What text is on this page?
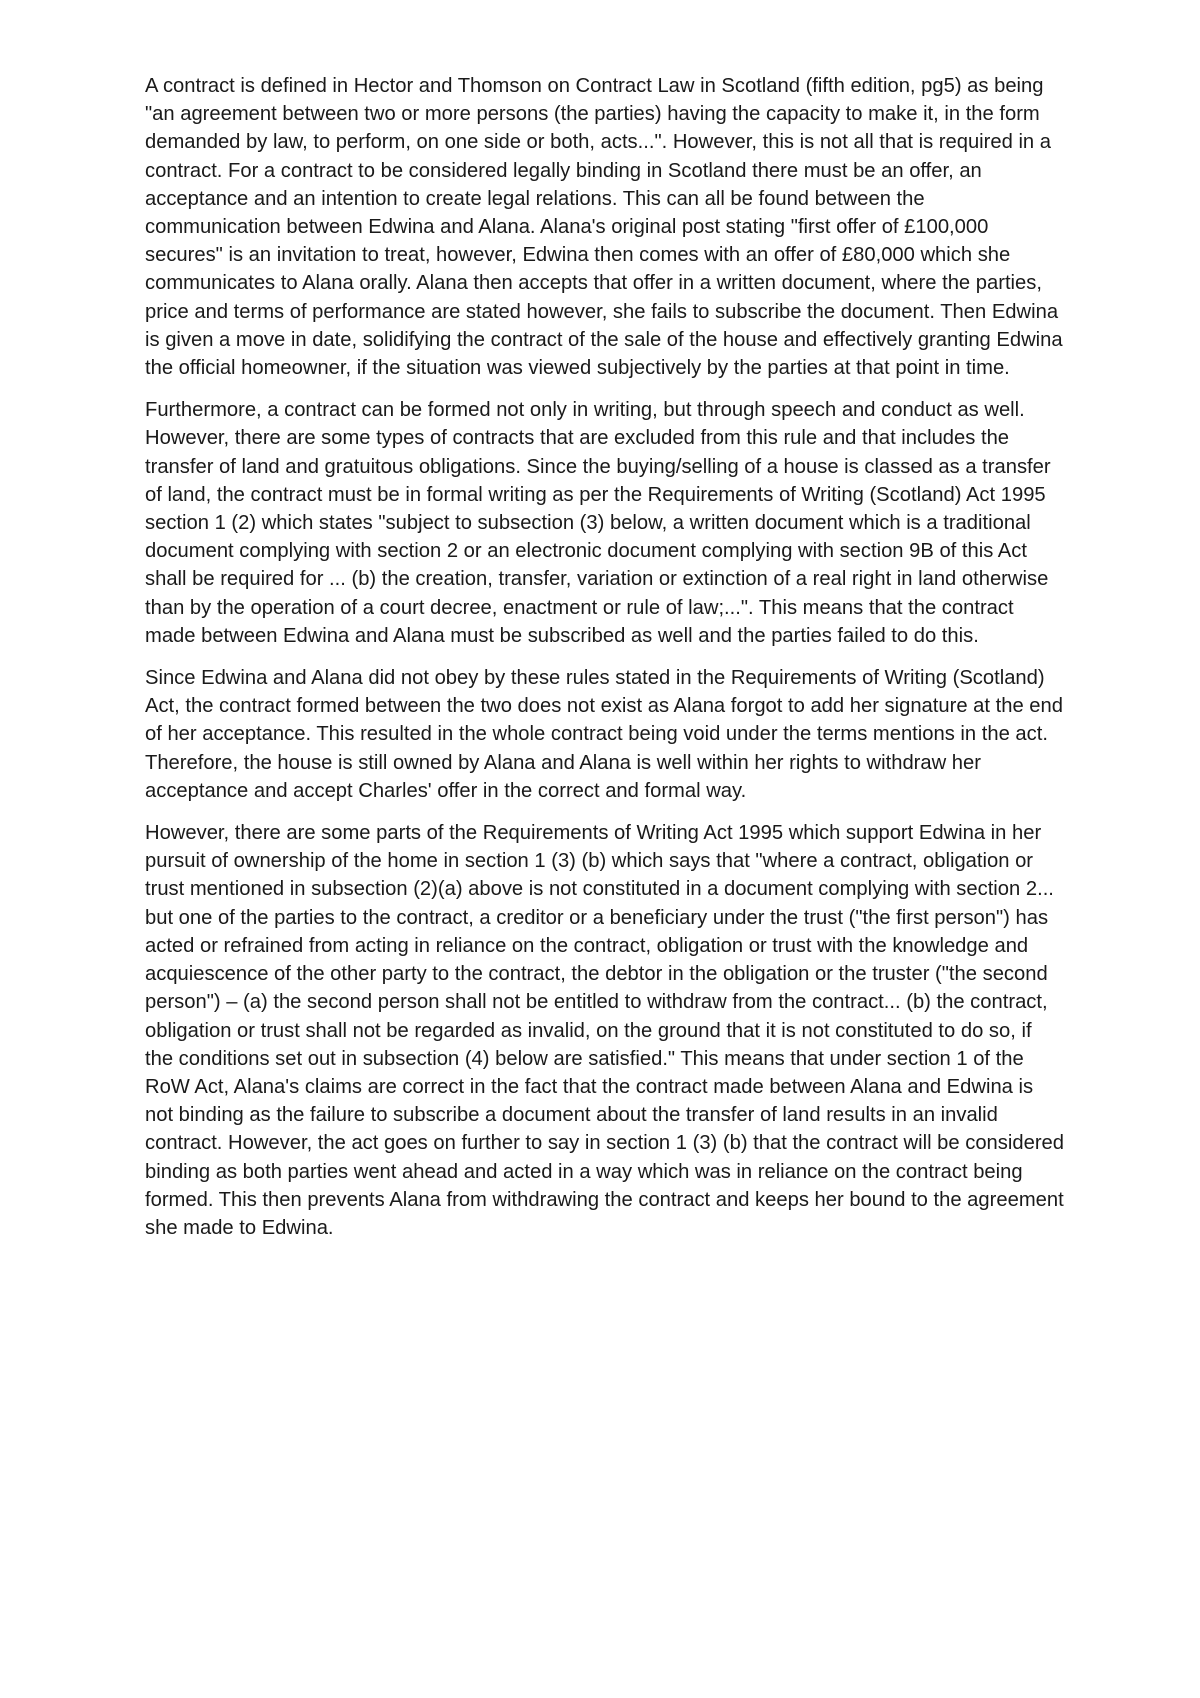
A contract is defined in Hector and Thomson on Contract Law in Scotland (fifth edition, pg5) as being "an agreement between two or more persons (the parties) having the capacity to make it, in the form demanded by law, to perform, on one side or both, acts...". However, this is not all that is required in a contract. For a contract to be considered legally binding in Scotland there must be an offer, an acceptance and an intention to create legal relations. This can all be found between the communication between Edwina and Alana. Alana's original post stating "first offer of £100,000 secures" is an invitation to treat, however, Edwina then comes with an offer of £80,000 which she communicates to Alana orally. Alana then accepts that offer in a written document, where the parties, price and terms of performance are stated however, she fails to subscribe the document. Then Edwina is given a move in date, solidifying the contract of the sale of the house and effectively granting Edwina the official homeowner, if the situation was viewed subjectively by the parties at that point in time.

Furthermore, a contract can be formed not only in writing, but through speech and conduct as well. However, there are some types of contracts that are excluded from this rule and that includes the transfer of land and gratuitous obligations. Since the buying/selling of a house is classed as a transfer of land, the contract must be in formal writing as per the Requirements of Writing (Scotland) Act 1995 section 1 (2) which states "subject to subsection (3) below, a written document which is a traditional document complying with section 2 or an electronic document complying with section 9B of this Act shall be required for ... (b) the creation, transfer, variation or extinction of a real right in land otherwise than by the operation of a court decree, enactment or rule of law;...". This means that the contract made between Edwina and Alana must be subscribed as well and the parties failed to do this.

Since Edwina and Alana did not obey by these rules stated in the Requirements of Writing (Scotland) Act, the contract formed between the two does not exist as Alana forgot to add her signature at the end of her acceptance. This resulted in the whole contract being void under the terms mentions in the act. Therefore, the house is still owned by Alana and Alana is well within her rights to withdraw her acceptance and accept Charles' offer in the correct and formal way.

However, there are some parts of the Requirements of Writing Act 1995 which support Edwina in her pursuit of ownership of the home in section 1 (3) (b) which says that "where a contract, obligation or trust mentioned in subsection (2)(a) above is not constituted in a document complying with section 2... but one of the parties to the contract, a creditor or a beneficiary under the trust ("the first person") has acted or refrained from acting in reliance on the contract, obligation or trust with the knowledge and acquiescence of the other party to the contract, the debtor in the obligation or the truster ("the second person") – (a) the second person shall not be entitled to withdraw from the contract... (b) the contract, obligation or trust shall not be regarded as invalid, on the ground that it is not constituted to do so, if the conditions set out in subsection (4) below are satisfied." This means that under section 1 of the RoW Act, Alana's claims are correct in the fact that the contract made between Alana and Edwina is not binding as the failure to subscribe a document about the transfer of land results in an invalid contract. However, the act goes on further to say in section 1 (3) (b) that the contract will be considered binding as both parties went ahead and acted in a way which was in reliance on the contract being formed. This then prevents Alana from withdrawing the contract and keeps her bound to the agreement she made to Edwina.
